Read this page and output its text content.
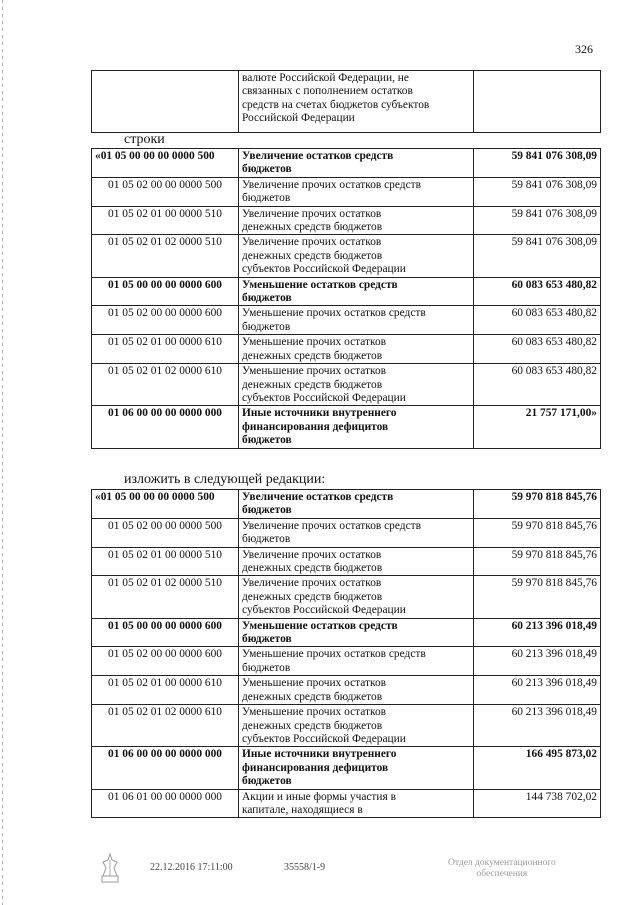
326

валюте Российской Федерации, не
связанных с пополнением остатков
средств на счетах бюджетов субъектов
Российской Федерации

строки
«01 05 00 00 00 0000 500	Увеличение остатков средств
бюджетов	59 841 076 308,09
01 05 02 00 00 0000 500	Увеличение прочих остатков средств
бюджетов	59 841 076 308,09
01 05 02 01 00 0000 510	Увеличение прочих остатков
денежных средств бюджетов	59 841 076 308,09
01 05 02 01 02 0000 510	Увеличение прочих остатков
денежных средств бюджетов
субъектов Российской Федерации	59 841 076 308,09
01 05 00 00 00 0000 600	Уменьшение остатков средств
бюджетов	60 083 653 480,82
01 05 02 00 00 0000 600	Уменьшение прочих остатков средств
бюджетов	60 083 653 480,82
01 05 02 01 00 0000 610	Уменьшение прочих остатков
денежных средств бюджетов	60 083 653 480,82
01 05 02 01 02 0000 610	Уменьшение прочих остатков
денежных средств бюджетов
субъектов Российской Федерации	60 083 653 480,82
01 06 00 00 00 0000 000	Иные источники внутреннего
финансирования дефицитов
бюджетов	21 757 171,00»
изложить в следующей редакции:
«01 05 00 00 00 0000 500	Увеличение остатков средств
бюджетов	59 970 818 845,76
01 05 02 00 00 0000 500	Увеличение прочих остатков средств
бюджетов	59 970 818 845,76
01 05 02 01 00 0000 510	Увеличение прочих остатков
денежных средств бюджетов	59 970 818 845,76
01 05 02 01 02 0000 510	Увеличение прочих остатков
денежных средств бюджетов
субъектов Российской Федерации	59 970 818 845,76
01 05 00 00 00 0000 600	Уменьшение остатков средств
бюджетов	60 213 396 018,49
01 05 02 00 00 0000 600	Уменьшение прочих остатков средств
бюджетов	60 213 396 018,49
01 05 02 01 00 0000 610	Уменьшение прочих остатков
денежных средств бюджетов	60 213 396 018,49
01 05 02 01 02 0000 610	Уменьшение прочих остатков
денежных средств бюджетов
субъектов Российской Федерации	60 213 396 018,49
01 06 00 00 00 0000 000	Иные источники внутреннего
финансирования дефицитов
бюджетов	166 495 873,02
01 06 01 00 00 0000 000	Акции и иные формы участия в
капитале, находящиеся в	144 738 702,02
22.12.2016 17:11:00	35558/1-9	Отдел документационного
обеспечения
